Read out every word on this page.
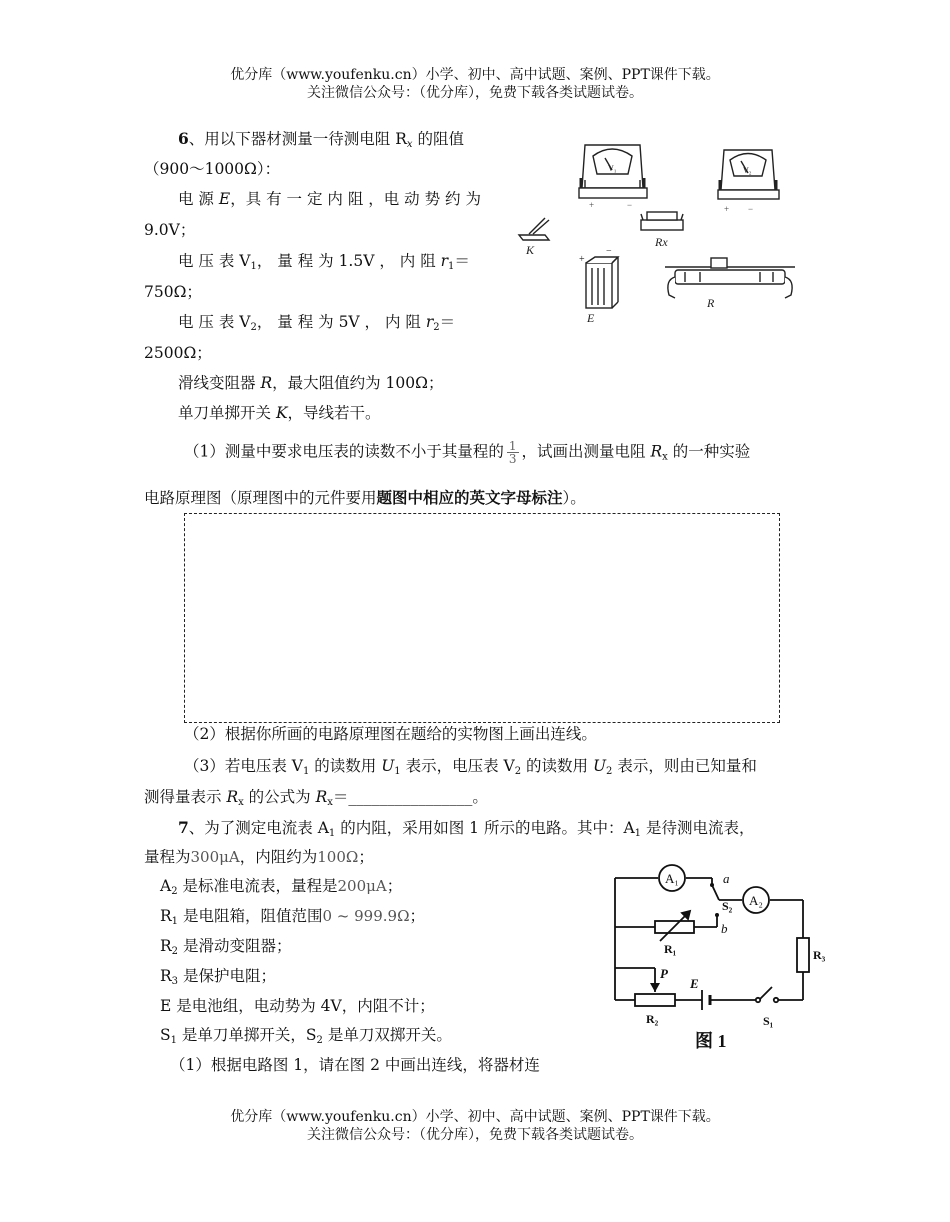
优分库（www.youfenku.cn）小学、初中、高中试题、案例、PPT课件下载。
关注微信公众号：（优分库），免费下载各类试题试卷。
6、用以下器材测量一待测电阻 $R_x$ 的阻值
（900～1000Ω）：
电 源 E，具 有 一 定 内 阻 ，电 动 势 约 为
9.0V；
电 压 表 $V_1$， 量 程 为 1.5V ， 内 阻 $r_1=$
750Ω；
电 压 表 $V_2$， 量 程 为 5V ， 内 阻 $r_2=$
2500Ω；
滑线变阻器 R，最大阻值约为 100Ω；
单刀单掷开关 K，导线若干。
（1）测量中要求电压表的读数不小于其量程的 $\frac{1}{3}$ ，试画出测量电阻 $R_x$ 的一种实验
电路原理图（原理图中的元件要用题图中相应的英文字母标注）。
（2）根据你所画的电路原理图在题给的实物图上画出连线。
（3）若电压表 $V_1$ 的读数用 $U_1$ 表示，电压表 $V_2$ 的读数用 $U_2$ 表示，则由已知量和
测得量表示 $R_x$ 的公式为 $R_x=\_\_\_\_\_\_\_\_\_\_\_\_\_\_\_\_$。
V₁
+	−
V₂
+ −
K
Rx
+
−
E
R
7、为了测定电流表 $A_1$ 的内阻，采用如图 1 所示的电路。其中：$A_1$ 是待测电流表，
量程为300μA，内阻约为100Ω；
$A_2$ 是标准电流表，量程是200μA；
$R_1$ 是电阻箱，阻值范围0 ~ 999.9Ω；
$R_2$ 是滑动变阻器；
$R_3$ 是保护电阻；
E 是电池组，电动势为 4V，内阻不计；
$S_1$ 是单刀单掷开关，$S_2$ 是单刀双掷开关。
（1）根据电路图 1，请在图 2 中画出连线，将器材连
A₁
A₂
a
b
S₂
R₁	R₃
P
R₂
E
S₁
图 1
优分库（www.youfenku.cn）小学、初中、高中试题、案例、PPT课件下载。
关注微信公众号：（优分库），免费下载各类试题试卷。
